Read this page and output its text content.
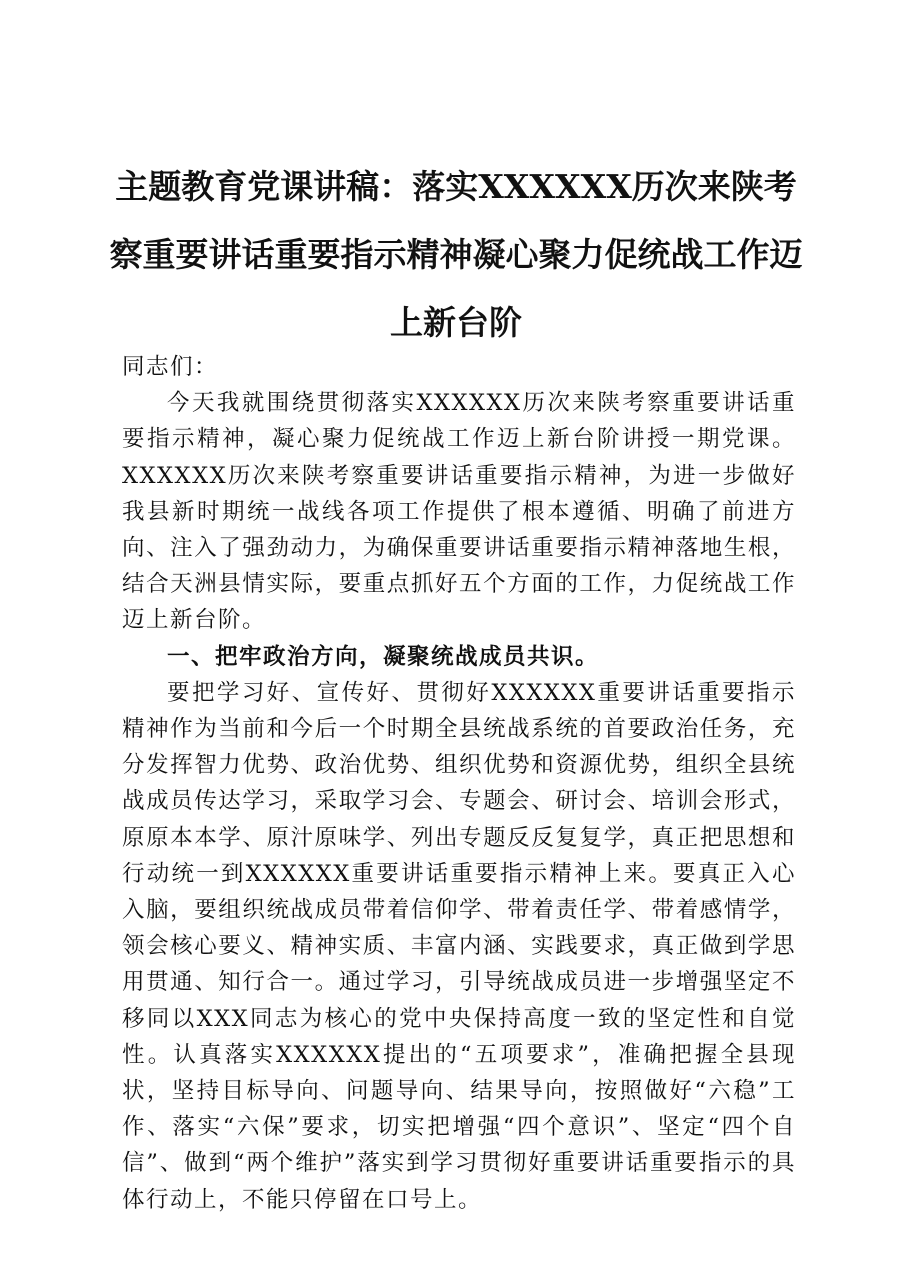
主题教育党课讲稿：落实XXXXXX历次来陕考察重要讲话重要指示精神凝心聚力促统战工作迈上新台阶

同志们：

今天我就围绕贯彻落实XXXXXX历次来陕考察重要讲话重要指示精神，凝心聚力促统战工作迈上新台阶讲授一期党课。XXXXXX历次来陕考察重要讲话重要指示精神，为进一步做好我县新时期统一战线各项工作提供了根本遵循、明确了前进方向、注入了强劲动力，为确保重要讲话重要指示精神落地生根，结合天洲县情实际，要重点抓好五个方面的工作，力促统战工作迈上新台阶。

一、把牢政治方向，凝聚统战成员共识。

要把学习好、宣传好、贯彻好XXXXXX重要讲话重要指示精神作为当前和今后一个时期全县统战系统的首要政治任务，充分发挥智力优势、政治优势、组织优势和资源优势，组织全县统战成员传达学习，采取学习会、专题会、研讨会、培训会形式，原原本本学、原汁原味学、列出专题反反复复学，真正把思想和行动统一到XXXXXX重要讲话重要指示精神上来。要真正入心入脑，要组织统战成员带着信仰学、带着责任学、带着感情学，领会核心要义、精神实质、丰富内涵、实践要求，真正做到学思用贯通、知行合一。通过学习，引导统战成员进一步增强坚定不移同以XXX同志为核心的党中央保持高度一致的坚定性和自觉性。认真落实XXXXXX提出的“五项要求”，准确把握全县现状，坚持目标导向、问题导向、结果导向，按照做好“六稳”工作、落实“六保”要求，切实把增强“四个意识”、坚定“四个自信”、做到“两个维护”落实到学习贯彻好重要讲话重要指示的具体行动上，不能只停留在口号上。
